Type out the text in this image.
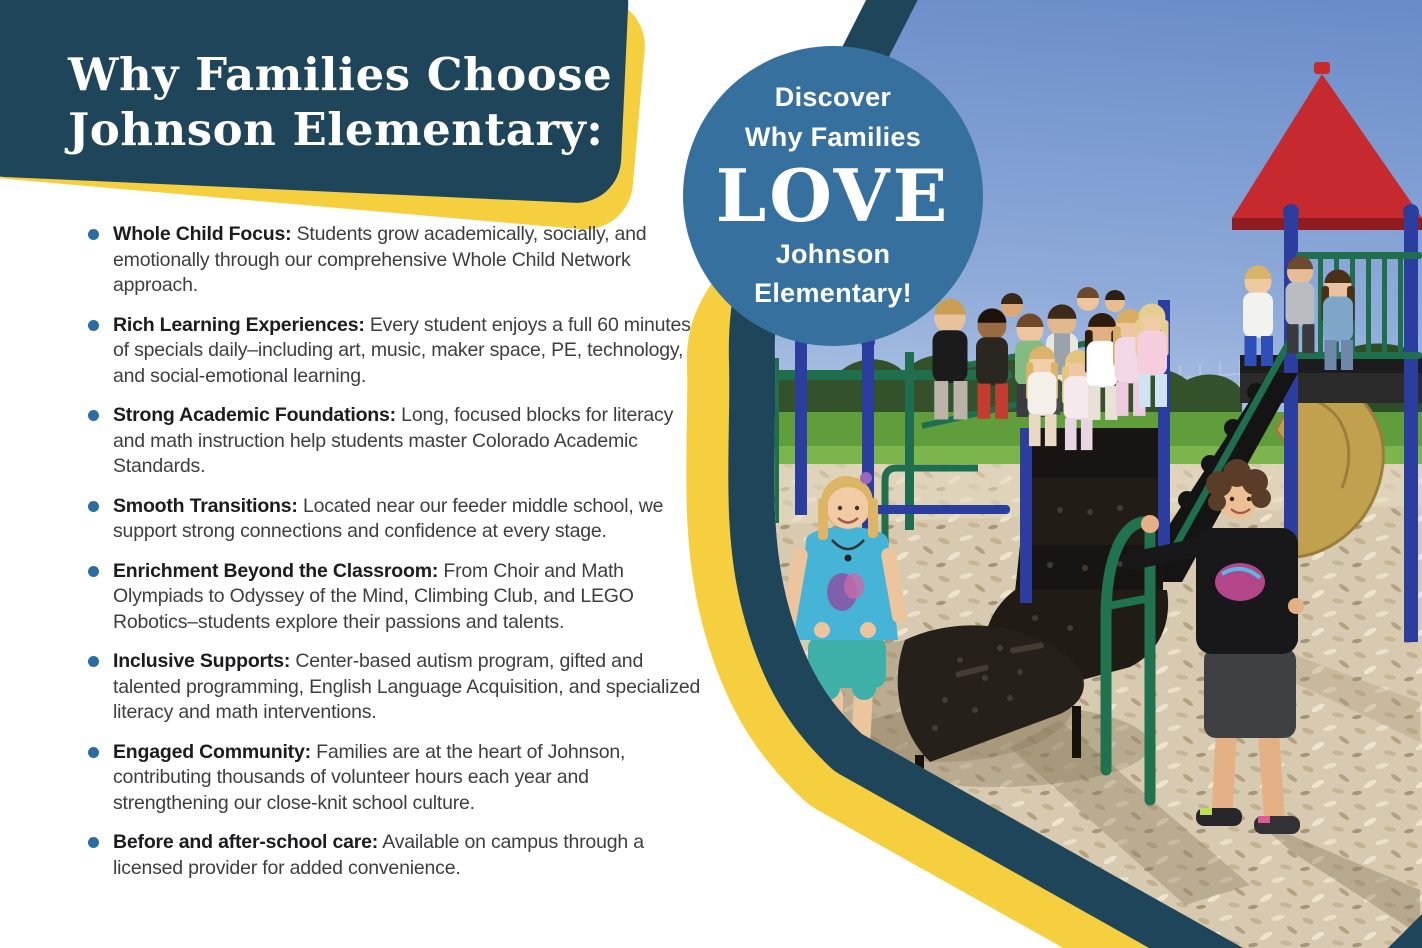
Why Families Choose
Johnson Elementary:

Whole Child Focus: Students grow academically, socially, and emotionally through our comprehensive Whole Child Network approach.

Rich Learning Experiences: Every student enjoys a full 60 minutes of specials daily–including art, music, maker space, PE, technology, and social-emotional learning.

Strong Academic Foundations: Long, focused blocks for literacy and math instruction help students master Colorado Academic Standards.

Smooth Transitions: Located near our feeder middle school, we support strong connections and confidence at every stage.

Enrichment Beyond the Classroom: From Choir and Math Olympiads to Odyssey of the Mind, Climbing Club, and LEGO Robotics–students explore their passions and talents.

Inclusive Supports: Center-based autism program, gifted and talented programming, English Language Acquisition, and specialized literacy and math interventions.

Engaged Community: Families are at the heart of Johnson, contributing thousands of volunteer hours each year and strengthening our close-knit school culture.

Before and after-school care: Available on campus through a licensed provider for added convenience.

Discover
Why Families
LOVE
Johnson
Elementary!
